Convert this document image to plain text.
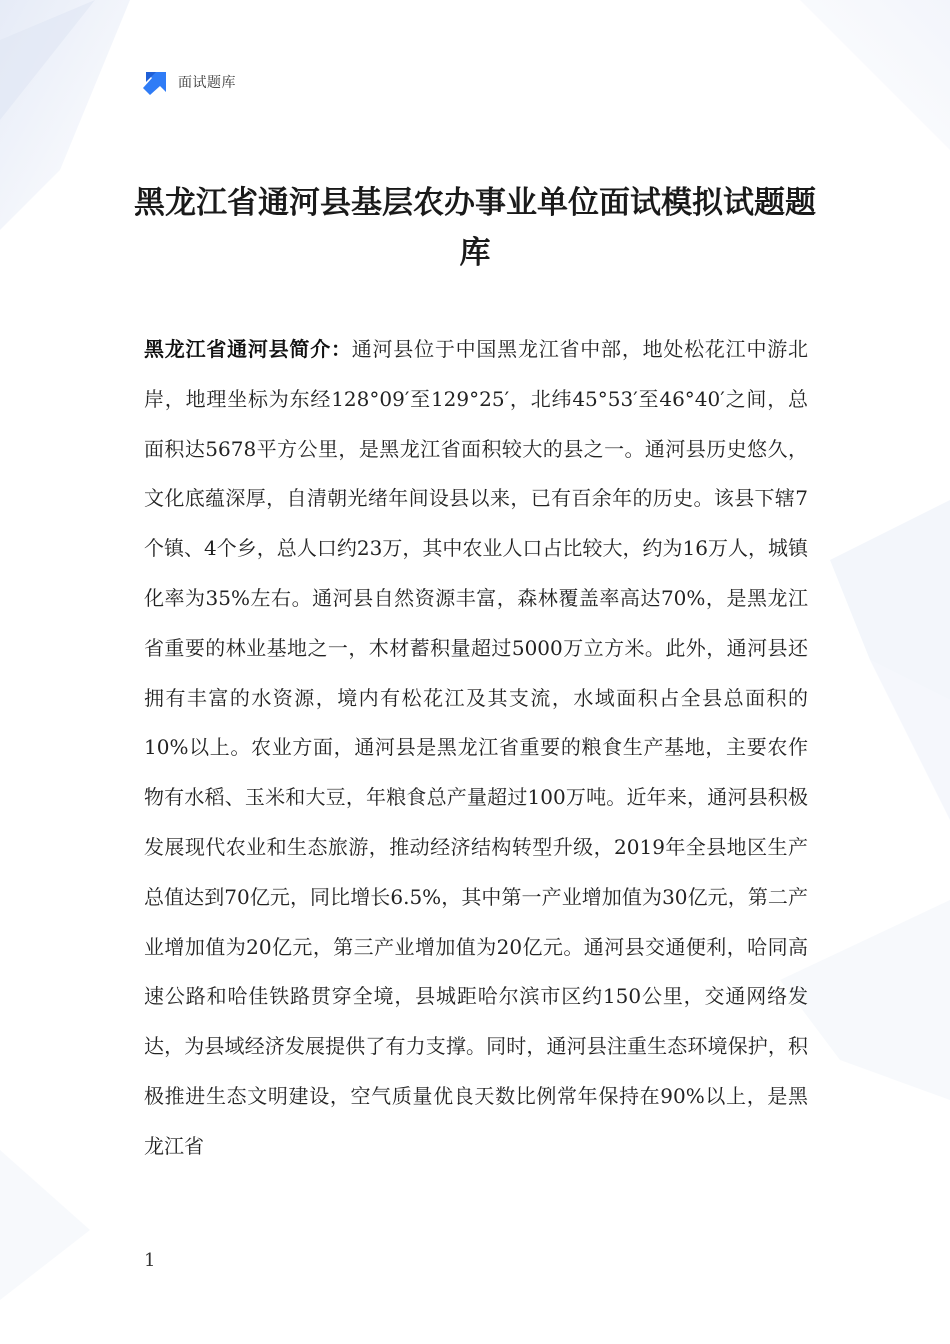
面试题库
黑龙江省通河县基层农办事业单位面试模拟试题题库

黑龙江省通河县简介：通河县位于中国黑龙江省中部，地处松花江中游北岸，地理坐标为东经128°09′至129°25′，北纬45°53′至46°40′之间，总面积达5678平方公里，是黑龙江省面积较大的县之一。通河县历史悠久，文化底蕴深厚，自清朝光绪年间设县以来，已有百余年的历史。该县下辖7个镇、4个乡，总人口约23万，其中农业人口占比较大，约为16万人，城镇化率为35%左右。通河县自然资源丰富，森林覆盖率高达70%，是黑龙江省重要的林业基地之一，木材蓄积量超过5000万立方米。此外，通河县还拥有丰富的水资源，境内有松花江及其支流，水域面积占全县总面积的10%以上。农业方面，通河县是黑龙江省重要的粮食生产基地，主要农作物有水稻、玉米和大豆，年粮食总产量超过100万吨。近年来，通河县积极发展现代农业和生态旅游，推动经济结构转型升级，2019年全县地区生产总值达到70亿元，同比增长6.5%，其中第一产业增加值为30亿元，第二产业增加值为20亿元，第三产业增加值为20亿元。通河县交通便利，哈同高速公路和哈佳铁路贯穿全境，县城距哈尔滨市区约150公里，交通网络发达，为县域经济发展提供了有力支撑。同时，通河县注重生态环境保护，积极推进生态文明建设，空气质量优良天数比例常年保持在90%以上，是黑龙江省

1
